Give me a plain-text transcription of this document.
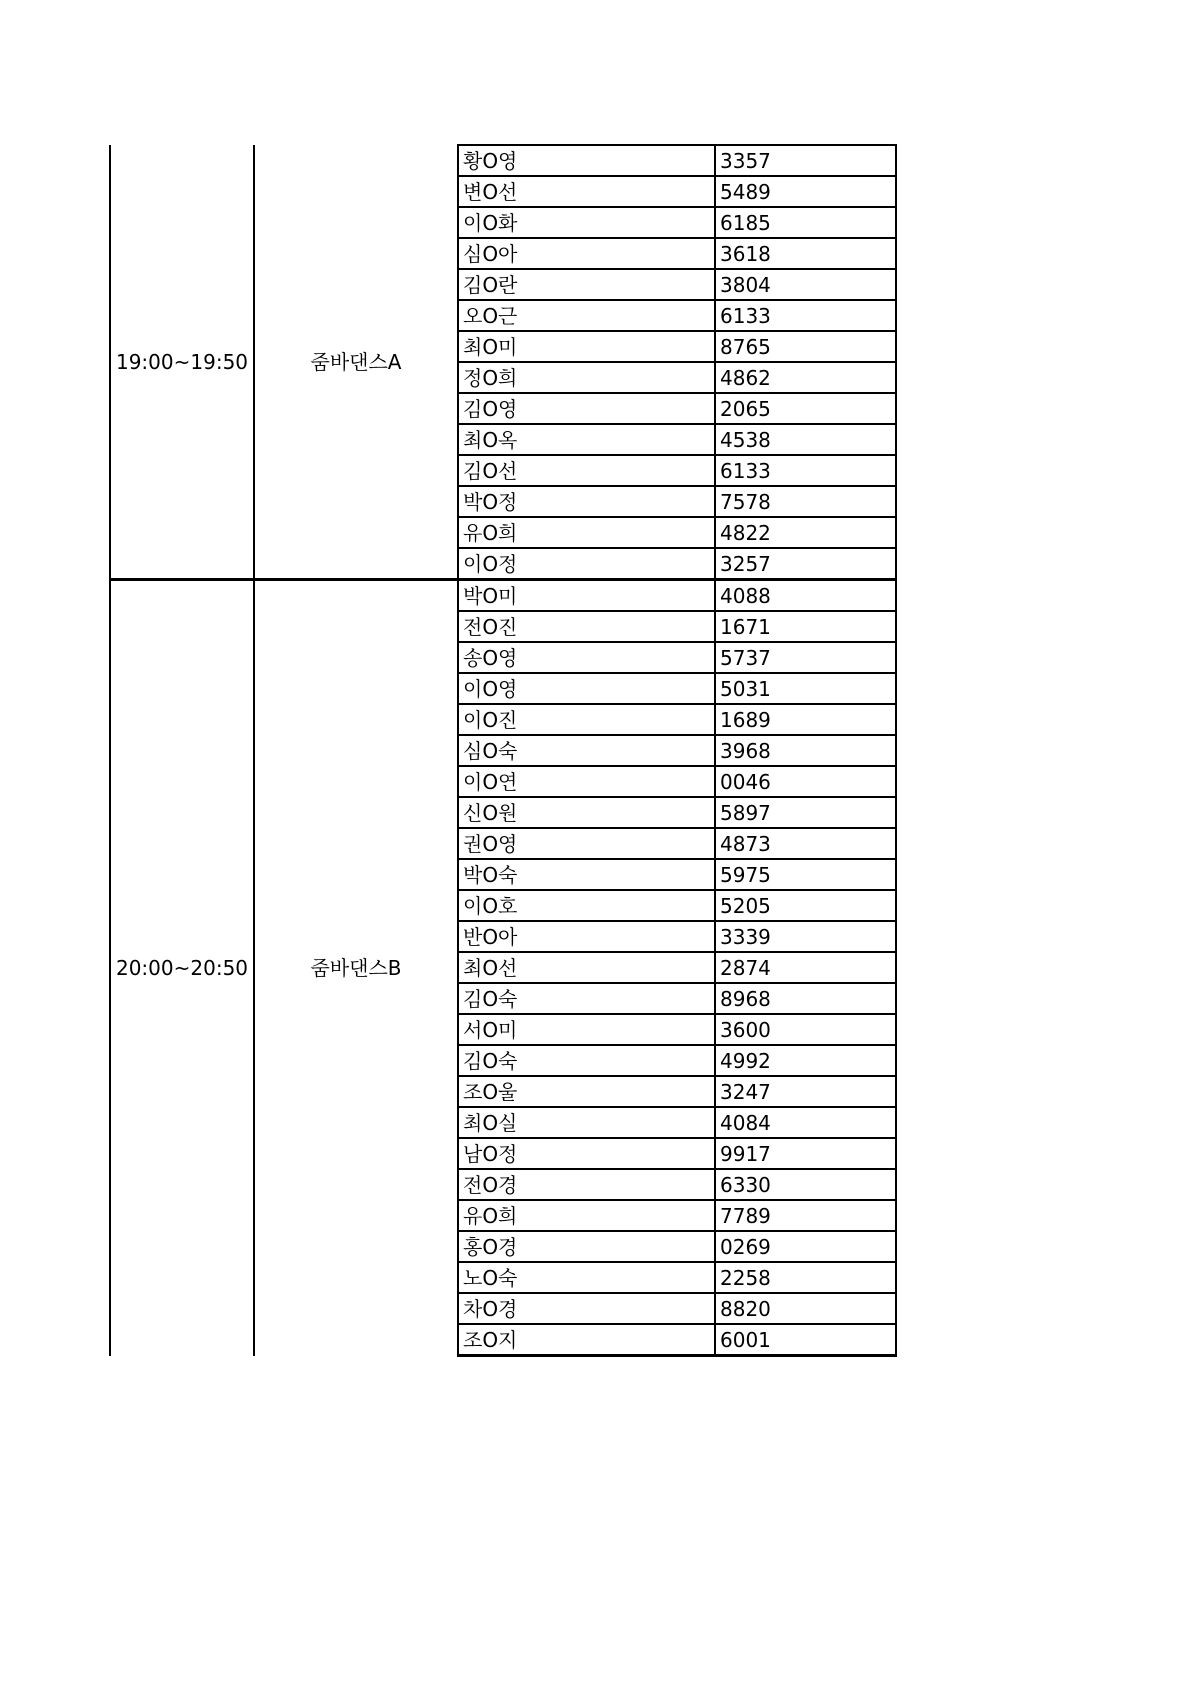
19:00~19:50	줌바댄스A	황O영	3357
		변O선	5489
		이O화	6185
		심O아	3618
		김O란	3804
		오O근	6133
		최O미	8765
		정O희	4862
		김O영	2065
		최O옥	4538
		김O선	6133
		박O정	7578
		유O희	4822
		이O정	3257
20:00~20:50	줌바댄스B	박O미	4088
		전O진	1671
		송O영	5737
		이O영	5031
		이O진	1689
		심O숙	3968
		이O연	0046
		신O원	5897
		권O영	4873
		박O숙	5975
		이O호	5205
		반O아	3339
		최O선	2874
		김O숙	8968
		서O미	3600
		김O숙	4992
		조O울	3247
		최O실	4084
		남O정	9917
		전O경	6330
		유O희	7789
		홍O경	0269
		노O숙	2258
		차O경	8820
		조O지	6001
